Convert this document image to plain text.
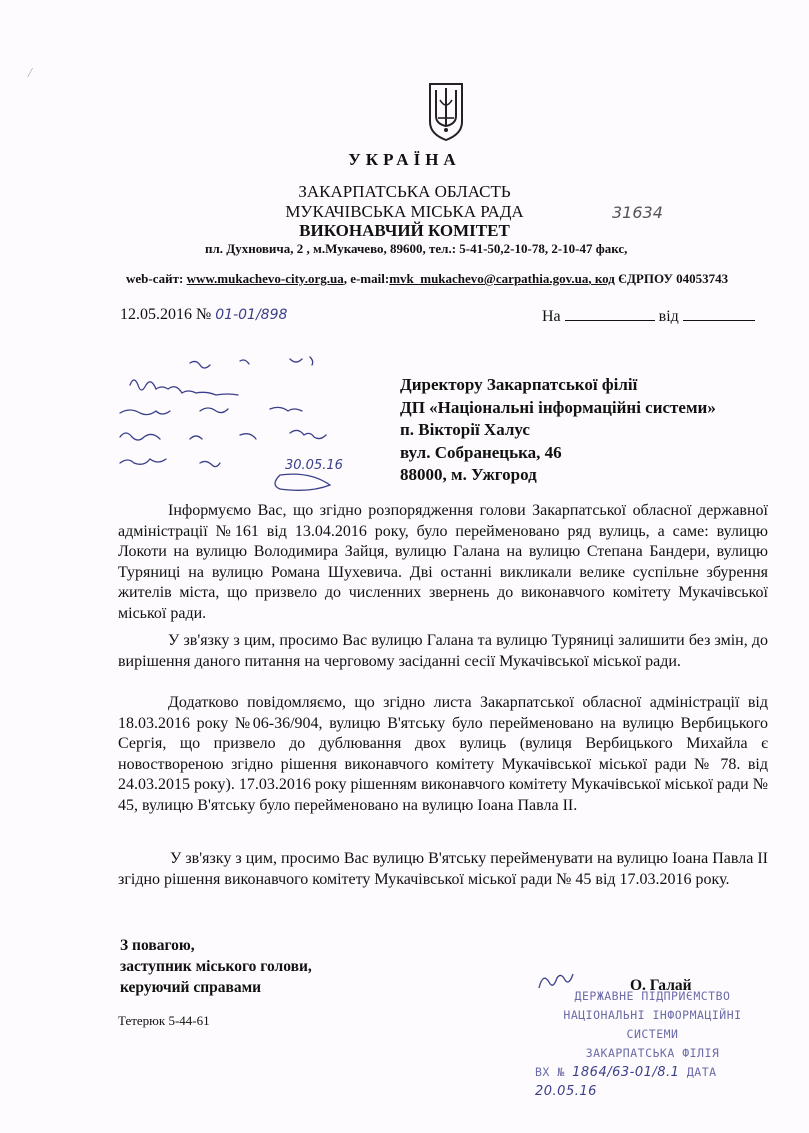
/
УКРАЇНА
ЗАКАРПАТСЬКА ОБЛАСТЬ
МУКАЧІВСЬКА МІСЬКА РАДА
ВИКОНАВЧИЙ КОМІТЕТ
31634
пл. Духновича, 2 , м.Мукачево, 89600, тел.: 5-41-50,2-10-78, 2-10-47 факс,
web-сайт: www.mukachevo-city.org.ua, e-mail:mvk_mukachevo@carpathia.gov.ua, код ЄДРПОУ 04053743
12.05.2016 № 01-01/898	На	від
30.05.16
Директору Закарпатської філії
ДП «Національні інформаційні системи»
п. Вікторії Халус
вул. Собранецька, 46
88000, м. Ужгород
Інформуємо Вас, що згідно розпорядження голови Закарпатської обласної державної адміністрації №161 від 13.04.2016 року, було перейменовано ряд вулиць, а саме: вулицю Локоти на вулицю Володимира Зайця, вулицю Галана на вулицю Степана Бандери, вулицю Туряниці на вулицю Романа Шухевича. Дві останні викликали велике суспільне збурення жителів міста, що призвело до численних звернень до виконавчого комітету Мукачівської міської ради.
У зв'язку з цим, просимо Вас вулицю Галана та вулицю Туряниці залишити без змін, до вирішення даного питання на черговому засіданні сесії Мукачівської міської ради.
Додатково повідомляємо, що згідно листа Закарпатської обласної адміністрації від 18.03.2016 року №06-36/904, вулицю В'ятську було перейменовано на вулицю Вербицького Сергія, що призвело до дублювання двох вулиць (вулиця Вербицького Михайла є новоствореною згідно рішення виконавчого комітету Мукачівської міської ради № 78. від 24.03.2015 року). 17.03.2016 року рішенням виконавчого комітету Мукачівської міської ради № 45, вулицю В'ятську було перейменовано на вулицю Іоана Павла ІІ.
У зв'язку з цим, просимо Вас вулицю В'ятську перейменувати на вулицю Іоана Павла ІІ згідно рішення виконавчого комітету Мукачівської міської ради № 45 від 17.03.2016 року.
З повагою,
заступник міського голови,
керуючий справами	О. Галай
Тетерюк 5-44-61
ДЕРЖАВНЕ ПІДПРИЄМСТВО
НАЦІОНАЛЬНІ ІНФОРМАЦІЙНІ
СИСТЕМИ
ЗАКАРПАТСЬКА ФІЛІЯ
ВХ № 1864/63-01/8.1 ДАТА 20.05.16
